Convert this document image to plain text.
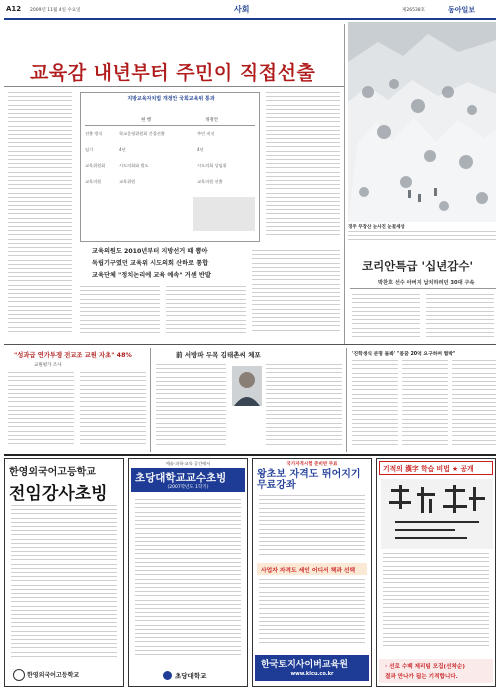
A12 2009년 11월 4일 수요일	사회	제26538호	동아일보
교육감 내년부터 주민이 직접선출
지방교육자치법 개정안 국회교육위 통과
현 행	개정안
선출 방식	학교운영위원회 간접선출	주민 직선
임기	4년	4년
교육위원회	시도의회와 별도	시도의회 상임위
교육의원	교육위원	교육의원 선출
교육의원도 2010년부터 지방선거 때 뽑아
독립기구였던 교육위 시도의회 산하로 통합
교육단체 "정치논리에 교육 예속" 거센 반발
경주 무장산 눈사진 눈꽃세상
코리안특급 '십년감수'
박찬호 선수 아버지 납치하려던 30대 구속
"성과급 연가투쟁 전교조 교원 자초" 48%
교원평가 조사
前 서방파 두목 김태촌씨 체포	'진학생식 분명 돌봐' "몸꿈 20억 요구하며 협박"
한영외국어고등학교
전임강사초빙
한영외국어고등학교
예술·과학·교육 공간에서
초당대학교교수초빙
(2007학년도 1학기)
초당대학교
국가자격시험 준비반 무료
왕초보 자격도 뛰어지기 무료강좌
사업자 자격도 세인 어디서 책과 선택
한국토지사이버교육원
www.klcu.co.kr
기적의 漢字 학습 비법 ★ 공개
· 선로 수백 제리팀 모집(선착순)
결과 만나가 됩는 기적합니다.
